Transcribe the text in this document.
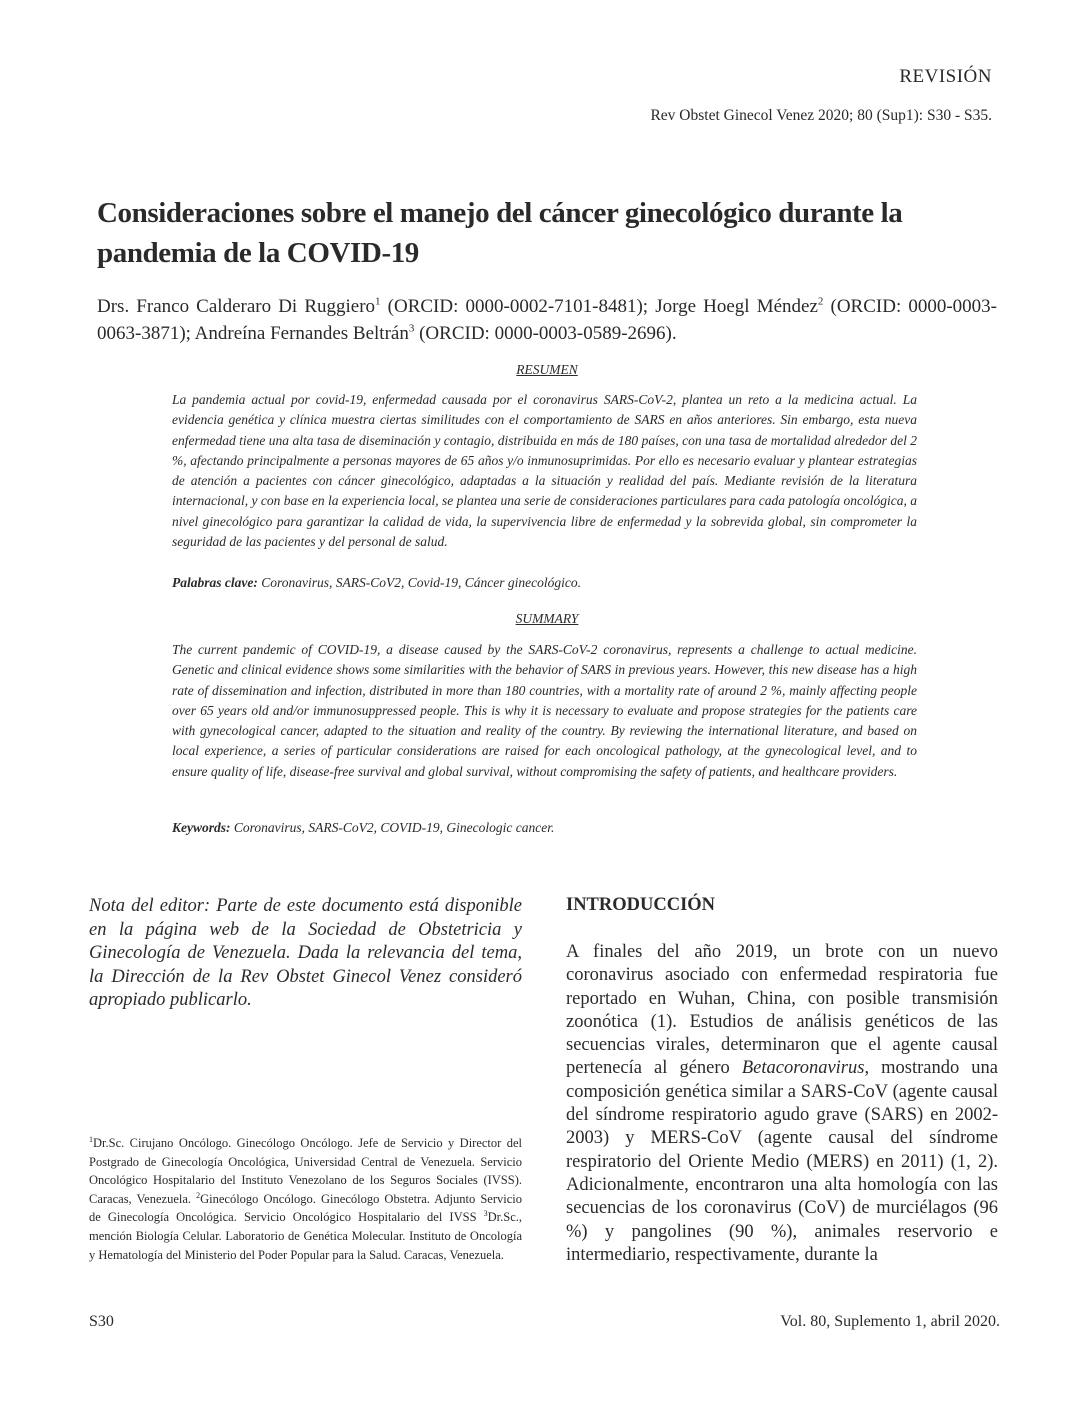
REVISIÓN
Rev Obstet Ginecol Venez 2020; 80 (Sup1): S30 - S35.
Consideraciones sobre el manejo del cáncer ginecológico durante la pandemia de la COVID-19
Drs. Franco Calderaro Di Ruggiero$^1$ (ORCID: 0000-0002-7101-8481); Jorge Hoegl Méndez$^2$ (ORCID: 0000-0003-0063-3871); Andreína Fernandes Beltrán$^3$ (ORCID: 0000-0003-0589-2696).
RESUMEN
La pandemia actual por covid-19, enfermedad causada por el coronavirus SARS-CoV-2, plantea un reto a la medicina actual. La evidencia genética y clínica muestra ciertas similitudes con el comportamiento de SARS en años anteriores. Sin embargo, esta nueva enfermedad tiene una alta tasa de diseminación y contagio, distribuida en más de 180 países, con una tasa de mortalidad alrededor del 2 %, afectando principalmente a personas mayores de 65 años y/o inmunosuprimidas. Por ello es necesario evaluar y plantear estrategias de atención a pacientes con cáncer ginecológico, adaptadas a la situación y realidad del país. Mediante revisión de la literatura internacional, y con base en la experiencia local, se plantea una serie de consideraciones particulares para cada patología oncológica, a nivel ginecológico para garantizar la calidad de vida, la supervivencia libre de enfermedad y la sobrevida global, sin comprometer la seguridad de las pacientes y del personal de salud.
Palabras clave: Coronavirus, SARS-CoV2, Covid-19, Cáncer ginecológico.
SUMMARY
The current pandemic of COVID-19, a disease caused by the SARS-CoV-2 coronavirus, represents a challenge to actual medicine. Genetic and clinical evidence shows some similarities with the behavior of SARS in previous years. However, this new disease has a high rate of dissemination and infection, distributed in more than 180 countries, with a mortality rate of around 2 %, mainly affecting people over 65 years old and/or immunosuppressed people. This is why it is necessary to evaluate and propose strategies for the patients care with gynecological cancer, adapted to the situation and reality of the country. By reviewing the international literature, and based on local experience, a series of particular considerations are raised for each oncological pathology, at the gynecological level, and to ensure quality of life, disease-free survival and global survival, without compromising the safety of patients, and healthcare providers.
Keywords: Coronavirus, SARS-CoV2, COVID-19, Ginecologic cancer.
Nota del editor: Parte de este documento está disponible en la página web de la Sociedad de Obstetricia y Ginecología de Venezuela. Dada la relevancia del tema, la Dirección de la Rev Obstet Ginecol Venez consideró apropiado publicarlo.
$^1$Dr.Sc. Cirujano Oncólogo. Ginecólogo Oncólogo. Jefe de Servicio y Director del Postgrado de Ginecología Oncológica, Universidad Central de Venezuela. Servicio Oncológico Hospitalario del Instituto Venezolano de los Seguros Sociales (IVSS). Caracas, Venezuela. $^2$Ginecólogo Oncólogo. Ginecólogo Obstetra. Adjunto Servicio de Ginecología Oncológica. Servicio Oncológico Hospitalario del IVSS $^3$Dr.Sc., mención Biología Celular. Laboratorio de Genética Molecular. Instituto de Oncología y Hematología del Ministerio del Poder Popular para la Salud. Caracas, Venezuela.
INTRODUCCIÓN
A finales del año 2019, un brote con un nuevo coronavirus asociado con enfermedad respiratoria fue reportado en Wuhan, China, con posible transmisión zoonótica (1). Estudios de análisis genéticos de las secuencias virales, determinaron que el agente causal pertenecía al género Betacoronavirus, mostrando una composición genética similar a SARS-CoV (agente causal del síndrome respiratorio agudo grave (SARS) en 2002-2003) y MERS-CoV (agente causal del síndrome respiratorio del Oriente Medio (MERS) en 2011) (1, 2). Adicionalmente, encontraron una alta homología con las secuencias de los coronavirus (CoV) de murciélagos (96 %) y pangolines (90 %), animales reservorio e intermediario, respectivamente, durante la
S30	Vol. 80, Suplemento 1, abril 2020.
